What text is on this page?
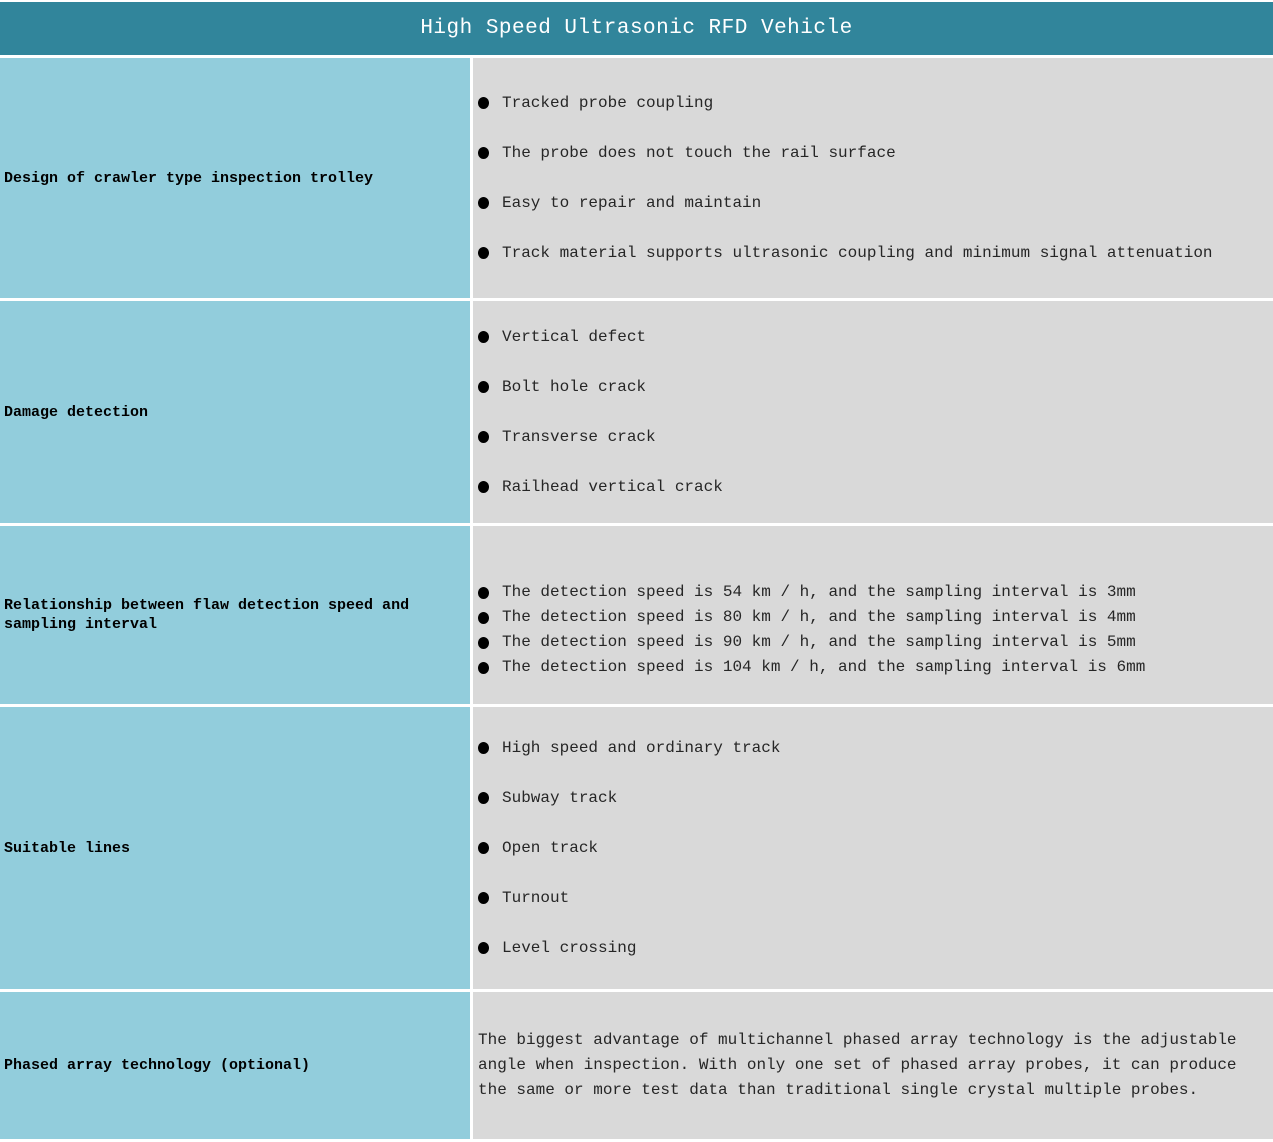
High Speed Ultrasonic RFD Vehicle
Design of crawler type inspection trolley
Tracked probe coupling
The probe does not touch the rail surface
Easy to repair and maintain
Track material supports ultrasonic coupling and minimum signal attenuation
Damage detection
Vertical defect
Bolt hole crack
Transverse crack
Railhead vertical crack
Relationship between flaw detection speed and sampling interval
The detection speed is 54 km / h, and the sampling interval is 3mm
The detection speed is 80 km / h, and the sampling interval is 4mm
The detection speed is 90 km / h, and the sampling interval is 5mm
The detection speed is 104 km / h, and the sampling interval is 6mm
Suitable lines
High speed and ordinary track
Subway track
Open track
Turnout
Level crossing
Phased array technology (optional)
The biggest advantage of multichannel phased array technology is the adjustable angle when inspection. With only one set of phased array probes, it can produce the same or more test data than traditional single crystal multiple probes.
